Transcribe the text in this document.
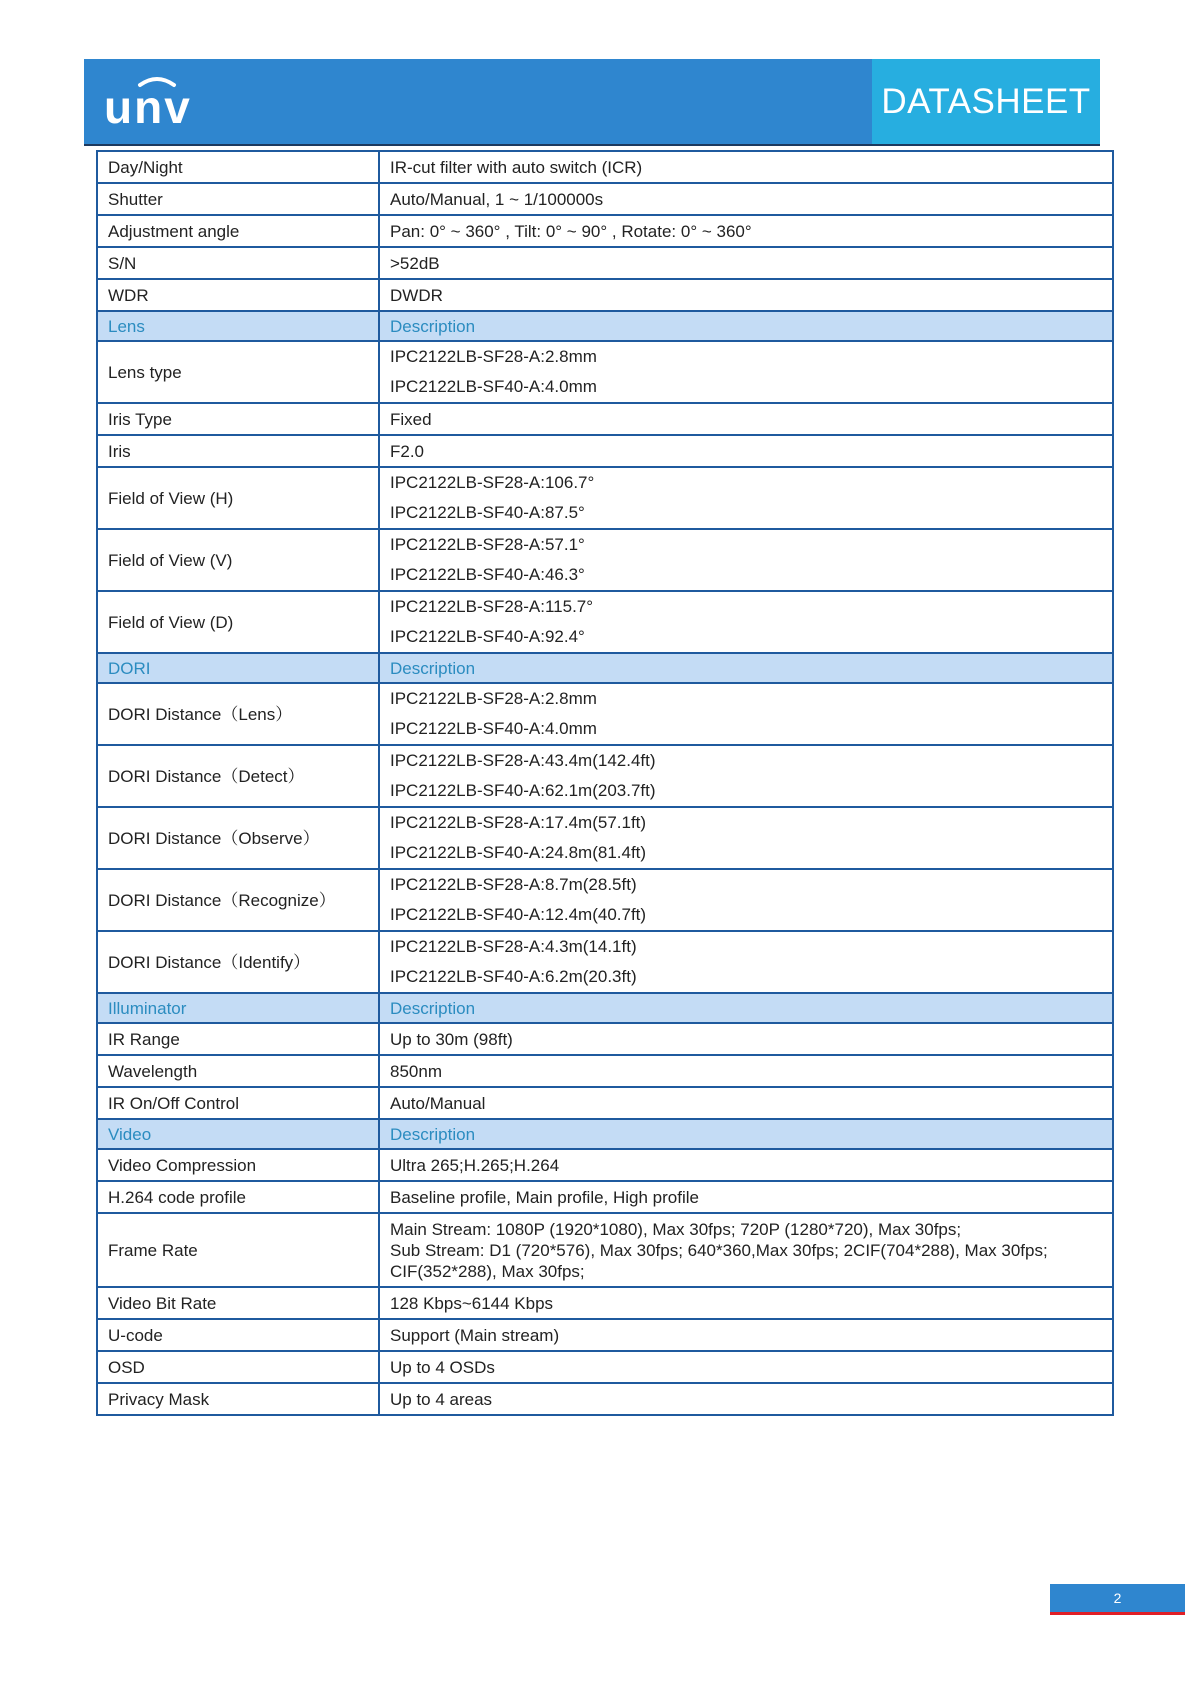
unv	DATASHEET
Day/Night	IR-cut filter with auto switch (ICR)

Shutter	Auto/Manual, 1 ~ 1/100000s

Adjustment angle	Pan: 0° ~ 360° , Tilt: 0° ~ 90° , Rotate: 0° ~ 360°

S/N	>52dB

WDR	DWDR

Lens	Description

Lens type	IPC2122LB-SF28-A:2.8mm
IPC2122LB-SF40-A:4.0mm

Iris Type	Fixed

Iris	F2.0

Field of View (H)	IPC2122LB-SF28-A:106.7°
IPC2122LB-SF40-A:87.5°

Field of View (V)	IPC2122LB-SF28-A:57.1°
IPC2122LB-SF40-A:46.3°

Field of View (D)	IPC2122LB-SF28-A:115.7°
IPC2122LB-SF40-A:92.4°

DORI	Description

DORI Distance（Lens）	IPC2122LB-SF28-A:2.8mm
IPC2122LB-SF40-A:4.0mm

DORI Distance（Detect）	IPC2122LB-SF28-A:43.4m(142.4ft)
IPC2122LB-SF40-A:62.1m(203.7ft)

DORI Distance（Observe）	IPC2122LB-SF28-A:17.4m(57.1ft)
IPC2122LB-SF40-A:24.8m(81.4ft)

DORI Distance（Recognize）	IPC2122LB-SF28-A:8.7m(28.5ft)
IPC2122LB-SF40-A:12.4m(40.7ft)

DORI Distance（Identify）	IPC2122LB-SF28-A:4.3m(14.1ft)
IPC2122LB-SF40-A:6.2m(20.3ft)

Illuminator	Description

IR Range	Up to 30m (98ft)

Wavelength	850nm

IR On/Off Control	Auto/Manual

Video	Description

Video Compression	Ultra 265;H.265;H.264

H.264 code profile	Baseline profile, Main profile, High profile

Frame Rate	Main Stream: 1080P (1920*1080), Max 30fps; 720P (1280*720), Max 30fps;
Sub Stream: D1 (720*576), Max 30fps; 640*360,Max 30fps; 2CIF(704*288), Max 30fps; CIF(352*288), Max 30fps;

Video Bit Rate	128 Kbps~6144 Kbps

U-code	Support (Main stream)

OSD	Up to 4 OSDs

Privacy Mask	Up to 4 areas
2
